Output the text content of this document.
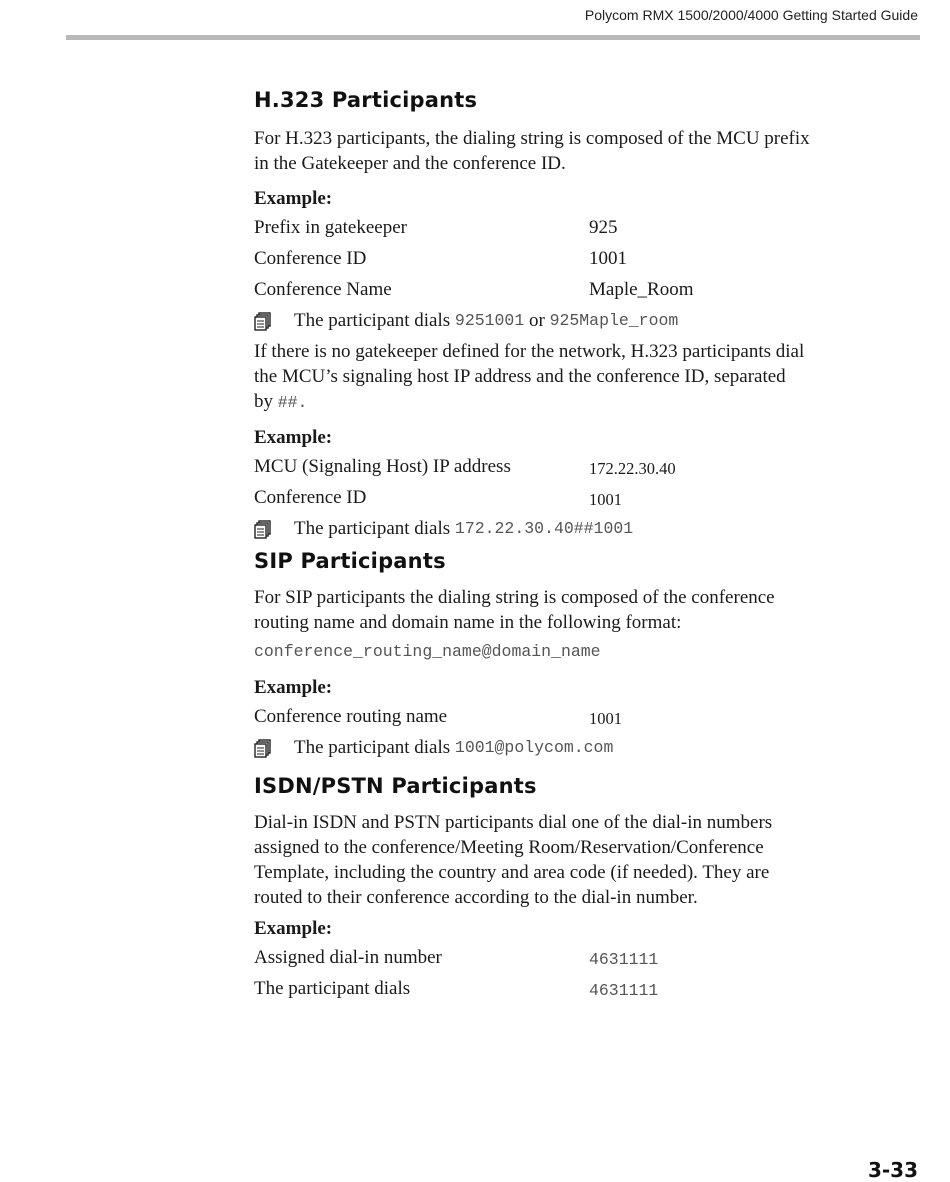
Polycom RMX 1500/2000/4000 Getting Started Guide
H.323 Participants

For H.323 participants, the dialing string is composed of the MCU prefix

in the Gatekeeper and the conference ID.

Example:

Prefix in gatekeeper	925
Conference ID	1001
Conference Name	Maple_Room
The participant dials
9251001
or
925Maple_room

If there is no gatekeeper defined for the network, H.323 participants dial

the MCU’s signaling host IP address and the conference ID, separated

by ##.

Example:

MCU (Signaling Host) IP address	172.22.30.40
Conference ID	1001
The participant dials
172.22.30.40##1001
SIP Participants

For SIP participants the dialing string is composed of the conference

routing name and domain name in the following format:

conference_routing_name@domain_name

Example:

Conference routing name	1001
The participant dials
1001@polycom.com
ISDN/PSTN Participants

Dial-in ISDN and PSTN participants dial one of the dial-in numbers

assigned to the conference/Meeting Room/Reservation/Conference

Template, including the country and area code (if needed). They are

routed to their conference according to the dial-in number.

Example:

Assigned dial-in number	4631111
The participant dials	4631111
3-33
